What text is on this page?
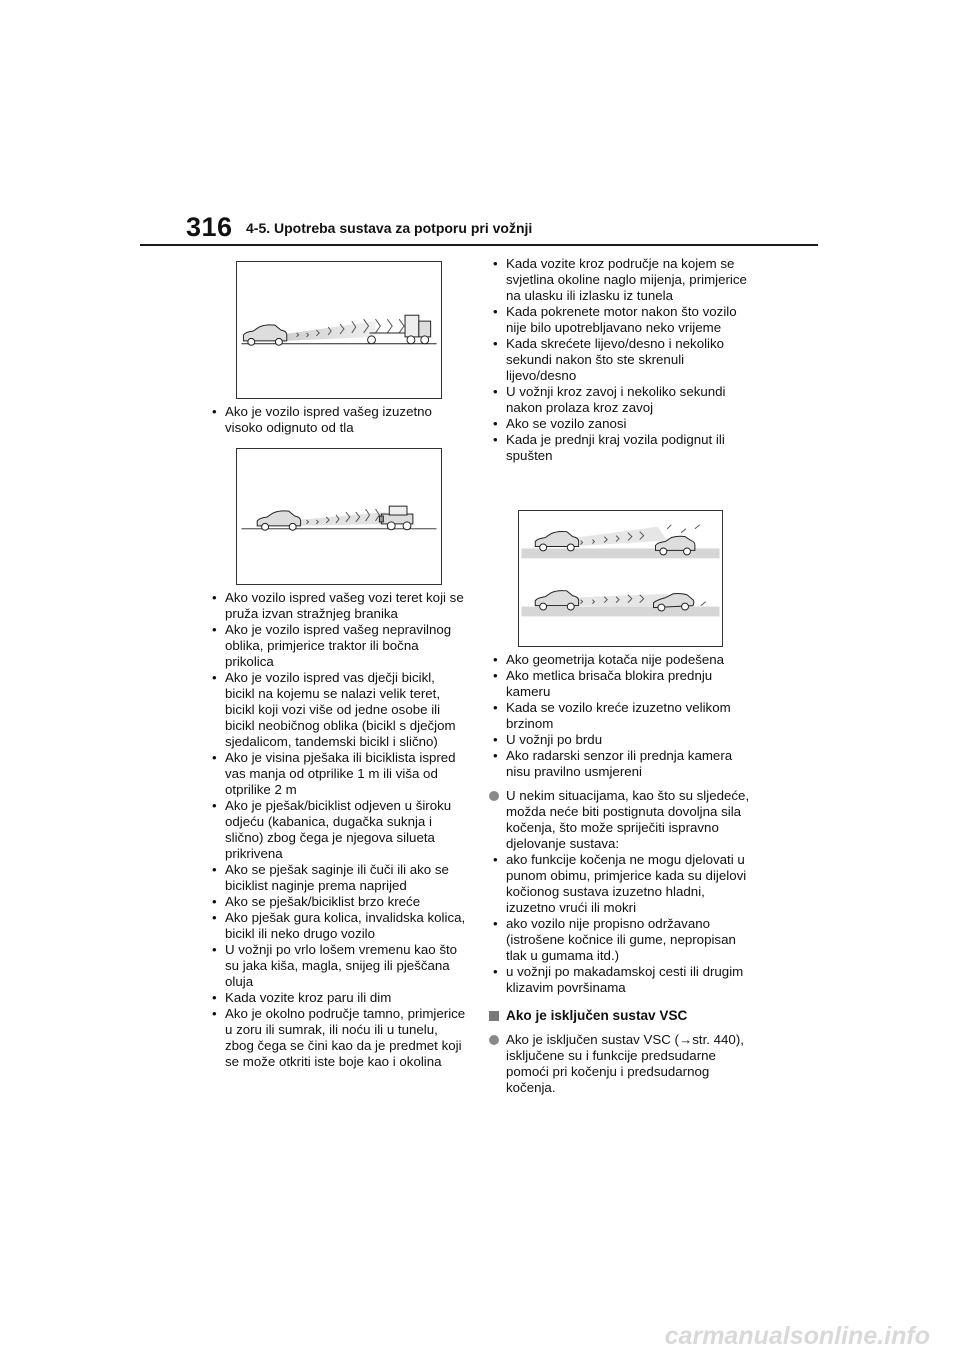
316 4-5. Upotreba sustava za potporu pri vožnji
• Ako je vozilo ispred vašeg izuzetno visoko odignuto od tla
• Ako vozilo ispred vašeg vozi teret koji se pruža izvan stražnjeg branika
• Ako je vozilo ispred vašeg nepravilnog oblika, primjerice traktor ili bočna prikolica
• Ako je vozilo ispred vas dječji bicikl, bicikl na kojemu se nalazi velik teret, bicikl koji vozi više od jedne osobe ili bicikl neobičnog oblika (bicikl s dječjom sjedalicom, tandemski bicikl i slično)
• Ako je visina pješaka ili biciklista ispred vas manja od otprilike 1 m ili viša od otprilike 2 m
• Ako je pješak/biciklist odjeven u široku odjeću (kabanica, dugačka suknja i slično) zbog čega je njegova silueta prikrivena
• Ako se pješak saginje ili čuči ili ako se biciklist naginje prema naprijed
• Ako se pješak/biciklist brzo kreće
• Ako pješak gura kolica, invalidska kolica, bicikl ili neko drugo vozilo
• U vožnji po vrlo lošem vremenu kao što su jaka kiša, magla, snijeg ili pješčana oluja
• Kada vozite kroz paru ili dim
• Ako je okolno područje tamno, primjerice u zoru ili sumrak, ili noću ili u tunelu, zbog čega se čini kao da je predmet koji se može otkriti iste boje kao i okolina
• Kada vozite kroz područje na kojem se svjetlina okoline naglo mijenja, primjerice na ulasku ili izlasku iz tunela
• Kada pokrenete motor nakon što vozilo nije bilo upotrebljavano neko vrijeme
• Kada skrećete lijevo/desno i nekoliko sekundi nakon što ste skrenuli lijevo/desno
• U vožnji kroz zavoj i nekoliko sekundi nakon prolaza kroz zavoj
• Ako se vozilo zanosi
• Kada je prednji kraj vozila podignut ili spušten
• Ako geometrija kotača nije podešena
• Ako metlica brisača blokira prednju kameru
• Kada se vozilo kreće izuzetno velikom brzinom
• U vožnji po brdu
• Ako radarski senzor ili prednja kamera nisu pravilno usmjereni
U nekim situacijama, kao što su sljedeće, možda neće biti postignuta dovoljna sila kočenja, što može spriječiti ispravno djelovanje sustava:
• ako funkcije kočenja ne mogu djelovati u punom obimu, primjerice kada su dijelovi kočionog sustava izuzetno hladni, izuzetno vrući ili mokri
• ako vozilo nije propisno održavano (istrošene kočnice ili gume, nepropisan tlak u gumama itd.)
• u vožnji po makadamskoj cesti ili drugim klizavim površinama
Ako je isključen sustav VSC
Ako je isključen sustav VSC (→str. 440), isključene su i funkcije predsudarne pomoći pri kočenju i predsudarnog kočenja.
carmanualsonline.info
